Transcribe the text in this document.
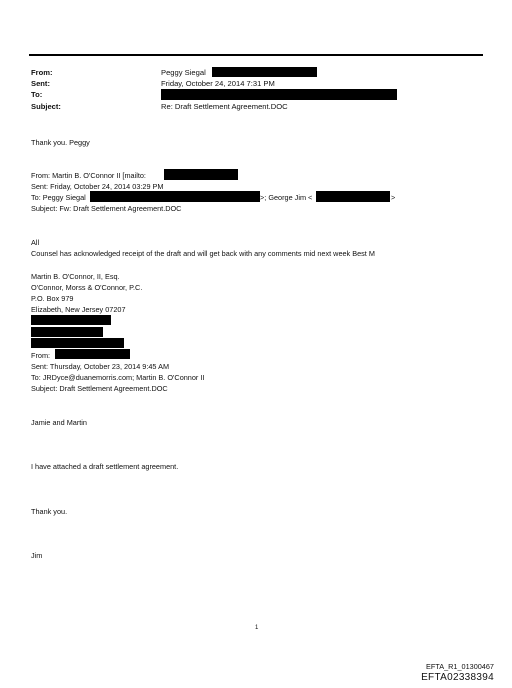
From:	Peggy Siegal
Sent:	Friday, October 24, 2014 7:31 PM
To:
Subject:	Re: Draft Settlement Agreement.DOC
Thank you. Peggy
From: Martin B. O'Connor II [mailto:
Sent: Friday, October 24, 2014 03:29 PM
To: Peggy Siegal	>; George Jim <	>
Subject: Fw: Draft Settlement Agreement.DOC
All
Counsel has acknowledged receipt of the draft and will get back with any comments mid next week Best M
Martin B. O'Connor, II, Esq.
O'Connor, Morss & O'Connor, P.C.
P.O. Box 979
Elizabeth, New Jersey 07207
From:
Sent: Thursday, October 23, 2014 9:45 AM
To: JRDyce@duanemorris.com; Martin B. O'Connor II
Subject: Draft Settlement Agreement.DOC
Jamie and Martin
I have attached a draft settlement agreement.
Thank you.
Jim
1
EFTA_R1_01300467
EFTA02338394
